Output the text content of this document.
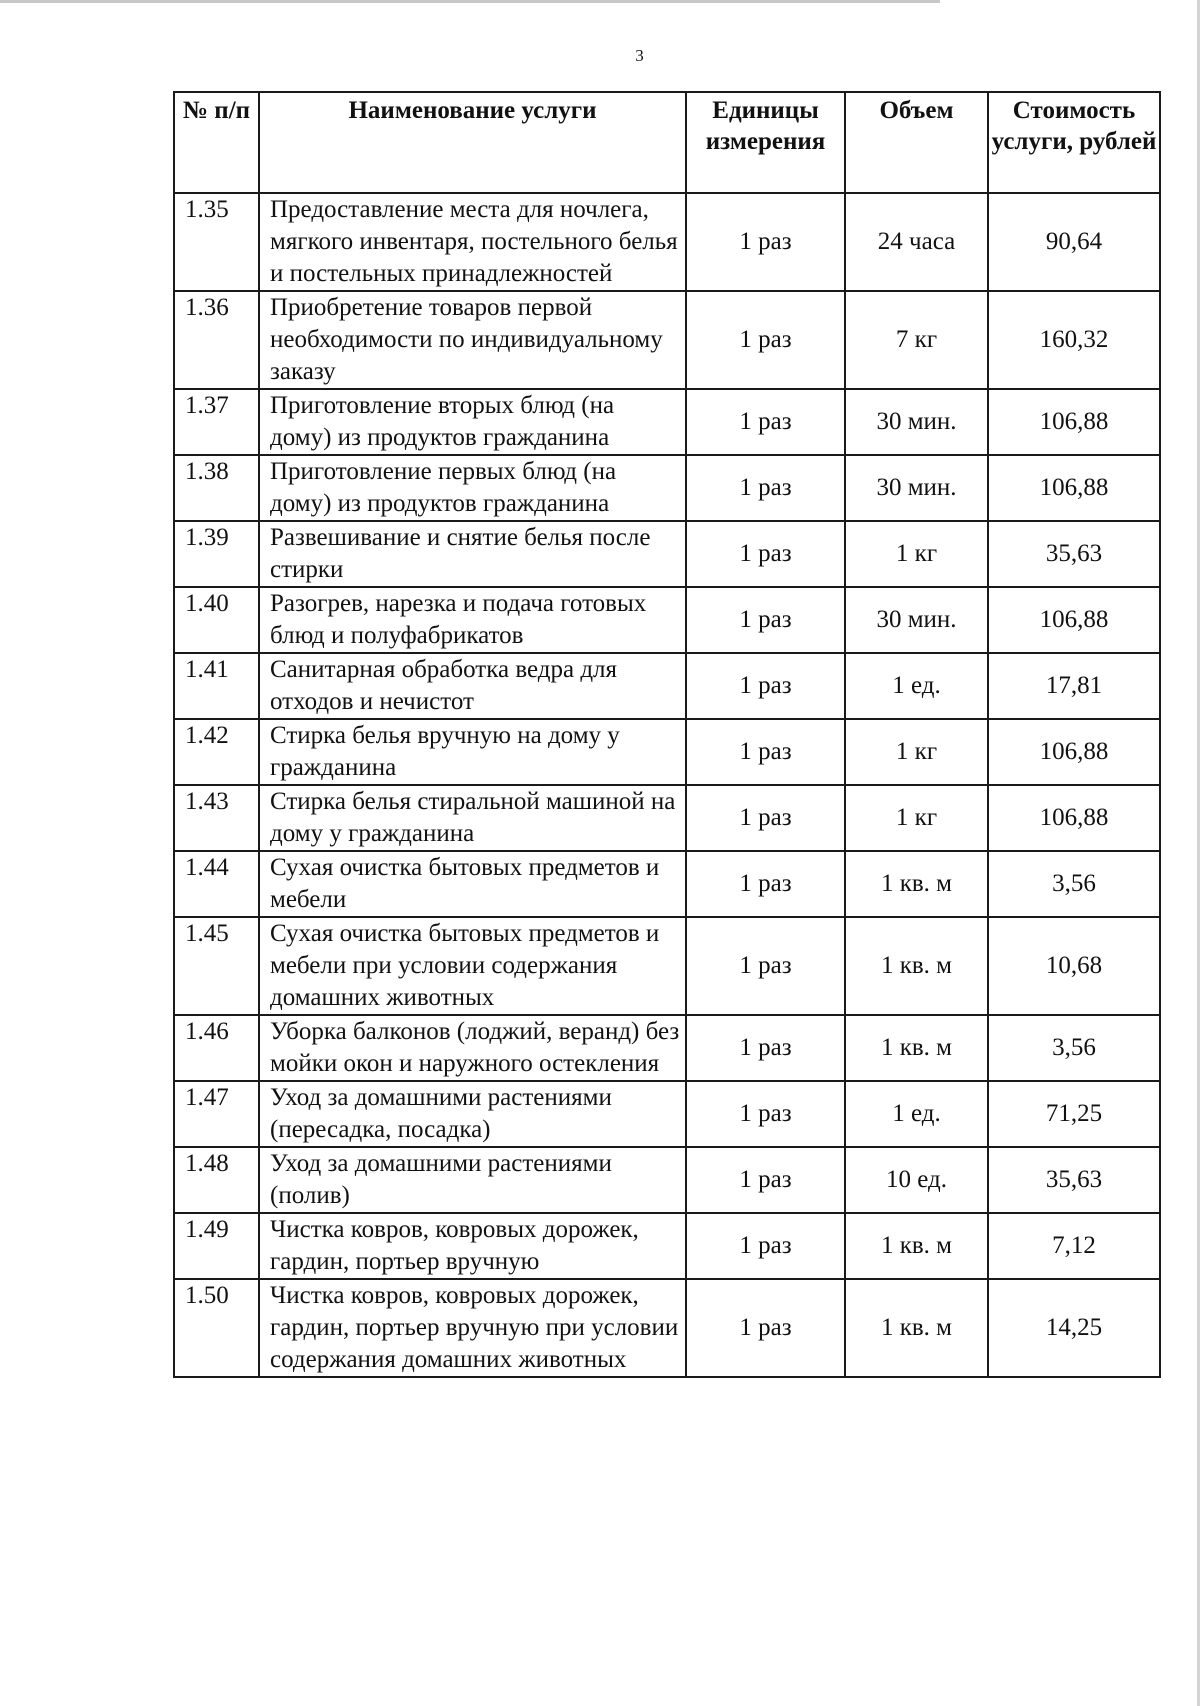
3
№ п/п	Наименование услуги	Единицы измерения	Объем	Стоимость услуги, рублей
1.35	Предоставление места для ночлега, мягкого инвентаря, постельного белья и постельных принадлежностей	1 раз	24 часа	90,64
1.36	Приобретение товаров первой необходимости по индивидуальному заказу	1 раз	7 кг	160,32
1.37	Приготовление вторых блюд (на дому) из продуктов гражданина	1 раз	30 мин.	106,88
1.38	Приготовление первых блюд (на дому) из продуктов гражданина	1 раз	30 мин.	106,88
1.39	Развешивание и снятие белья после стирки	1 раз	1 кг	35,63
1.40	Разогрев, нарезка и подача готовых блюд и полуфабрикатов	1 раз	30 мин.	106,88
1.41	Санитарная обработка ведра для отходов и нечистот	1 раз	1 ед.	17,81
1.42	Стирка белья вручную на дому у гражданина	1 раз	1 кг	106,88
1.43	Стирка белья стиральной машиной на дому у гражданина	1 раз	1 кг	106,88
1.44	Сухая очистка бытовых предметов и мебели	1 раз	1 кв. м	3,56
1.45	Сухая очистка бытовых предметов и мебели при условии содержания домашних животных	1 раз	1 кв. м	10,68
1.46	Уборка балконов (лоджий, веранд) без мойки окон и наружного остекления	1 раз	1 кв. м	3,56
1.47	Уход за домашними растениями (пересадка, посадка)	1 раз	1 ед.	71,25
1.48	Уход за домашними растениями (полив)	1 раз	10 ед.	35,63
1.49	Чистка ковров, ковровых дорожек, гардин, портьер вручную	1 раз	1 кв. м	7,12
1.50	Чистка ковров, ковровых дорожек, гардин, портьер вручную при условии содержания домашних животных	1 раз	1 кв. м	14,25
